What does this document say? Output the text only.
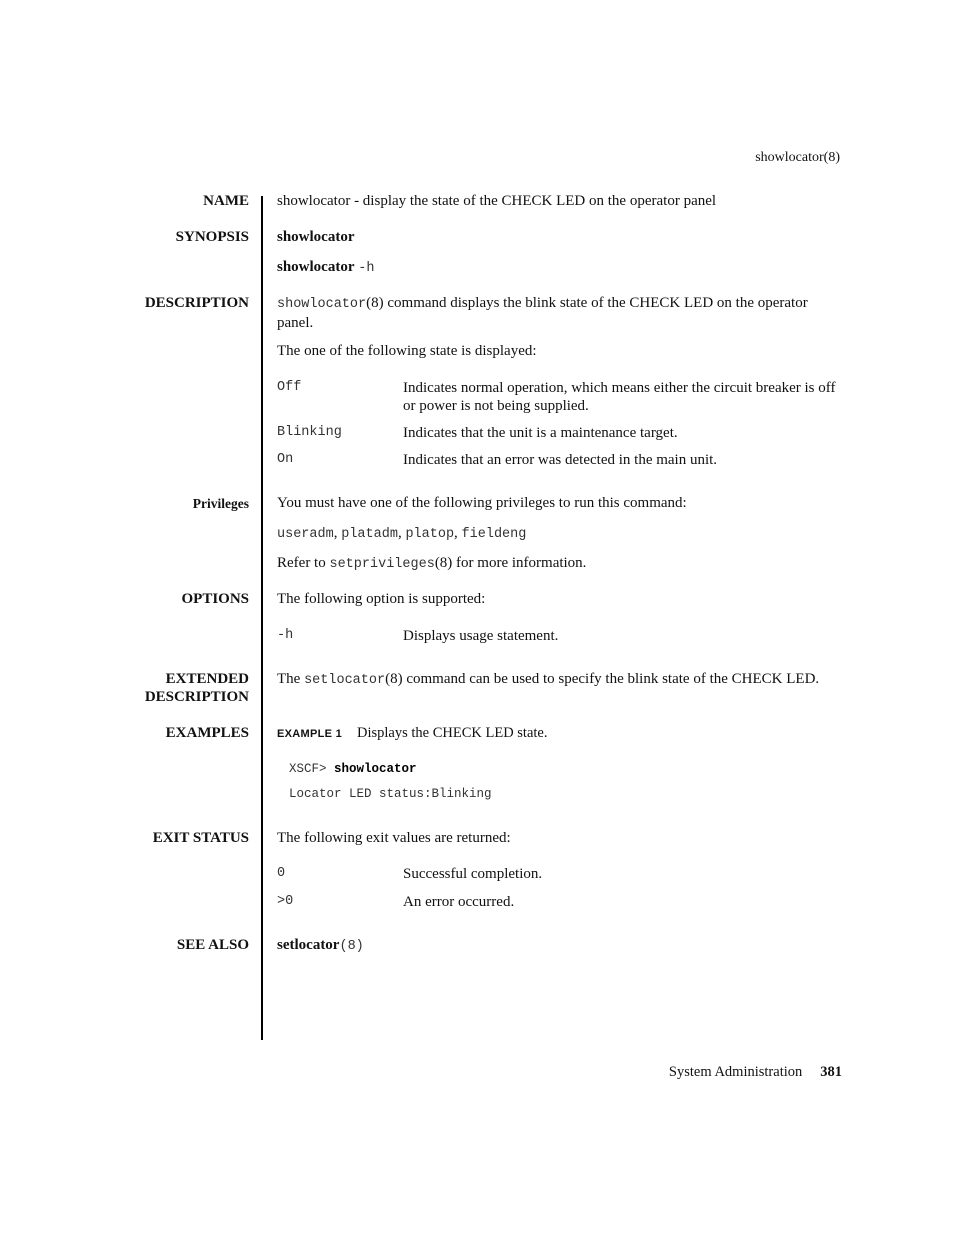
showlocator(8)
NAME showlocator - display the state of the CHECK LED on the operator panel
SYNOPSIS showlocator
showlocator -h
DESCRIPTION showlocator(8) command displays the blink state of the CHECK LED on the operator panel.
The one of the following state is displayed:
Off	Indicates normal operation, which means either the circuit breaker is off or power is not being supplied.
Blinking	Indicates that the unit is a maintenance target.
On	Indicates that an error was detected in the main unit.
Privileges You must have one of the following privileges to run this command:
useradm, platadm, platop, fieldeng
Refer to setprivileges(8) for more information.
OPTIONS The following option is supported:
-h	Displays usage statement.
EXTENDED
DESCRIPTION
The setlocator(8) command can be used to specify the blink state of the CHECK LED.
EXAMPLES	EXAMPLE 1 Displays the CHECK LED state.
XSCF> showlocator
Locator LED status:Blinking
EXIT STATUS The following exit values are returned:
0	Successful completion.
>0	An error occurred.
SEE ALSO setlocator(8)
System Administration 381
